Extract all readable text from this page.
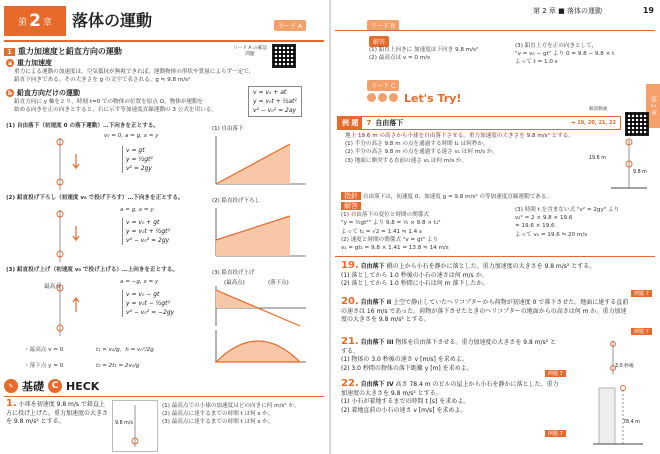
第 2 章 落体の運動	リード A
1 重力加速度と鉛直方向の運動	リード A の確認問題
a 重力加速度
重力による運動の加速度は，空気抵抗が無視できれば，運動物体の形状や質量によらず一定で，
鉛直下向きである。その大きさを g の文字で表される。g ≒ 9.8 m/s²
b 鉛直方向だけの運動
鉛直方向に y 軸をとり，時刻 t=0 での物体の位置を原点 O，物体が運動を
始める向きを正の向きとすると，右に示す等加速度直線運動の 3 公式を用いる。
v = v₀ + at
y = v₀t + ½at²
v² − v₀² = 2ay
(1) 自由落下（初速度 0 の落下運動）…下向きを正とする。
v₀ = 0, a = g, x = y
v = gt
y = ½gt²
v² = 2gy
(1) 自由落下
(2) 鉛直投げ下ろし（初速度 v₀ で投げ下ろす）…下向きを正とする。
a = g, x = y
v = v₀ + gt
y = v₀t + ½gt²
v² − v₀² = 2gy
(2) 鉛直投げ下ろし
(3) 鉛直投げ上げ（初速度 v₀ で投げ上げる）…上向きを正とする。
a = −g, x = y
最高点
v = v₀ − gt
y = v₀t − ½gt²
v² − v₀² = −2gy
(3) 鉛直投げ上げ
(最高点)	(落下点)
・最高点 v = 0	t₁ = v₀/g，h = v₀²/2g
・落下点 y = 0	t₂ = 2t₁ = 2v₀/g
✎ 基礎 C HECK
1. 小球を初速度 9.8 m/s で鉛直上方に投げ上げた。重力加速度の大きさを 9.8 m/s² とする。	9.8 m/s
(1) 最高点での小球の加速度はどの向きに何 m/s² か。
(2) 最高点に達するまでの時間 t は何 s か。
(3) 最高点に達するまでの時間 t は何 s か。
リード B
第 2 章 ■ 落体の運動	19
解答
(1) 鉛直上向きに 加速度は下向き 9.8 m/s²
(2) 最高点は v = 0 m/s
(3) 鉛直上方を正の向きとして，
"v = v₀ − gt" より 0 = 9.8 − 9.8 × t
よって t = 1.0 s
第 2 章
リード C
Let's Try!
例 題	7 自由落下	➡ 19, 20, 21, 22
解説動画
地上 19.6 m の高さから小球を自由落下させる。重力加速度の大きさを 9.8 m/s² とする。
(1) 半分の高さ 9.8 m の点を通過する時間 t₁ は何秒か。
(2) 半分の高さ 9.8 m の点を通過する速さ v₁ は何 m/s か。
(3) 地面に衝突する直前の速さ v₂ は何 m/s か。	19.6 m
9.8 m
指針 自由落下は，初速度 0，加速度 g = 9.8 m/s² の等加速度直線運動である。
解答
(1) 自由落下の変位と時間の関係式
"y = ½gt²" より 9.8 = ½ × 9.8 × t₁²
よって t₁ = √2 = 1.41 ≒ 1.4 s
(2) 速度と時間の関係式 "v = gt" より
v₁ = gt₁ = 9.8 × 1.41 = 13.8 ≒ 14 m/s
(3) 時間 t を含まない式 "v² = 2gy" より
v₂² = 2 × 9.8 × 19.6
= 19.6 × 19.6
よって v₂ = 19.6 ≒ 20 m/s
19. 自由落下 橋の上から小石を静かに落とした。重力加速度の大きさを 9.8 m/s² とする。
(1) 落としてから 1.0 秒後の小石の速さは何 m/s か。
(2) 落としてから 1.0 秒間に小石は何 m 落下したか。
例題 7
20. 自由落下 II 上空で静止していたヘリコプターから荷物が初速度 0 で落下させた。地面に達する直前の速さは 16 m/s であった。荷物が落下させたときのヘリコプターの地面からの高さは何 m か。重力加速度の大きさを 9.8 m/s² とする。
例題 7
21. 自由落下 III 物体を自由落下させる。重力加速度の大きさを 9.8 m/s² とする。
(1) 物体の 3.0 秒後の速さ v [m/s] を求めよ。
(2) 3.0 秒間の物体の落下距離 y [m] を求めよ。
例題 7
3.0 秒後
22. 自由落下 IV 高さ 78.4 m のビルの屋上から小石を静かに落とした。重力加速度の大きさを 9.8 m/s² とする。
(1) 小石が着地するまでの時間 t [s] を求めよ。
(2) 着地直前の小石の速さ v [m/s] を求めよ。
例題 7
78.4 m
